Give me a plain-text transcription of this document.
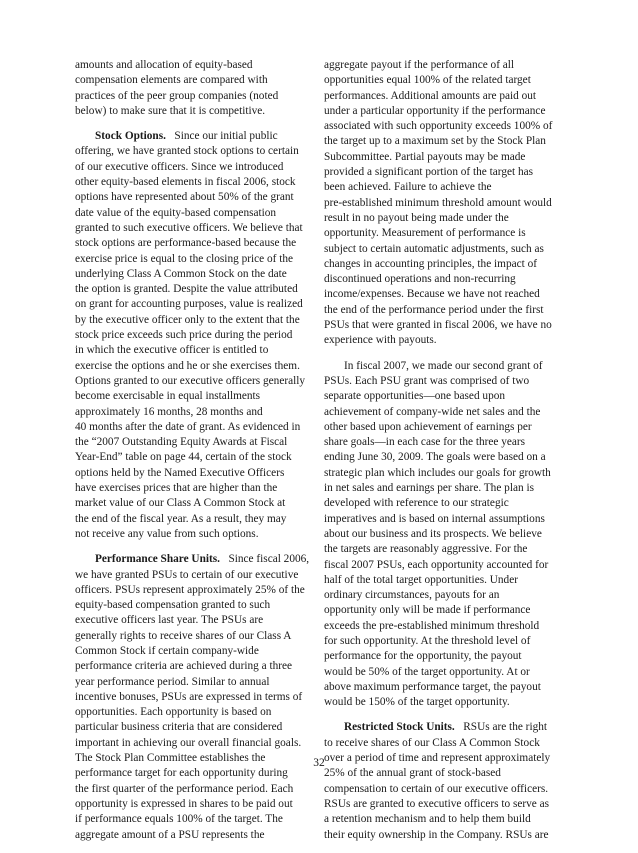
amounts and allocation of equity-based
compensation elements are compared with
practices of the peer group companies (noted
below) to make sure that it is competitive.

Stock Options. Since our initial public
offering, we have granted stock options to certain
of our executive officers. Since we introduced
other equity-based elements in fiscal 2006, stock
options have represented about 50% of the grant
date value of the equity-based compensation
granted to such executive officers. We believe that
stock options are performance-based because the
exercise price is equal to the closing price of the
underlying Class A Common Stock on the date
the option is granted. Despite the value attributed
on grant for accounting purposes, value is realized
by the executive officer only to the extent that the
stock price exceeds such price during the period
in which the executive officer is entitled to
exercise the options and he or she exercises them.
Options granted to our executive officers generally
become exercisable in equal installments
approximately 16 months, 28 months and
40 months after the date of grant. As evidenced in
the “2007 Outstanding Equity Awards at Fiscal
Year-End” table on page 44, certain of the stock
options held by the Named Executive Officers
have exercises prices that are higher than the
market value of our Class A Common Stock at
the end of the fiscal year. As a result, they may
not receive any value from such options.

Performance Share Units. Since fiscal 2006,
we have granted PSUs to certain of our executive
officers. PSUs represent approximately 25% of the
equity-based compensation granted to such
executive officers last year. The PSUs are
generally rights to receive shares of our Class A
Common Stock if certain company-wide
performance criteria are achieved during a three
year performance period. Similar to annual
incentive bonuses, PSUs are expressed in terms of
opportunities. Each opportunity is based on
particular business criteria that are considered
important in achieving our overall financial goals.
The Stock Plan Committee establishes the
performance target for each opportunity during
the first quarter of the performance period. Each
opportunity is expressed in shares to be paid out
if performance equals 100% of the target. The
aggregate amount of a PSU represents the

aggregate payout if the performance of all
opportunities equal 100% of the related target
performances. Additional amounts are paid out
under a particular opportunity if the performance
associated with such opportunity exceeds 100% of
the target up to a maximum set by the Stock Plan
Subcommittee. Partial payouts may be made
provided a significant portion of the target has
been achieved. Failure to achieve the
pre-established minimum threshold amount would
result in no payout being made under the
opportunity. Measurement of performance is
subject to certain automatic adjustments, such as
changes in accounting principles, the impact of
discontinued operations and non-recurring
income/expenses. Because we have not reached
the end of the performance period under the first
PSUs that were granted in fiscal 2006, we have no
experience with payouts.

In fiscal 2007, we made our second grant of
PSUs. Each PSU grant was comprised of two
separate opportunities—one based upon
achievement of company-wide net sales and the
other based upon achievement of earnings per
share goals—in each case for the three years
ending June 30, 2009. The goals were based on a
strategic plan which includes our goals for growth
in net sales and earnings per share. The plan is
developed with reference to our strategic
imperatives and is based on internal assumptions
about our business and its prospects. We believe
the targets are reasonably aggressive. For the
fiscal 2007 PSUs, each opportunity accounted for
half of the total target opportunities. Under
ordinary circumstances, payouts for an
opportunity only will be made if performance
exceeds the pre-established minimum threshold
for such opportunity. At the threshold level of
performance for the opportunity, the payout
would be 50% of the target opportunity. At or
above maximum performance target, the payout
would be 150% of the target opportunity.

Restricted Stock Units. RSUs are the right
to receive shares of our Class A Common Stock
over a period of time and represent approximately
25% of the annual grant of stock-based
compensation to certain of our executive officers.
RSUs are granted to executive officers to serve as
a retention mechanism and to help them build
their equity ownership in the Company. RSUs are

32
